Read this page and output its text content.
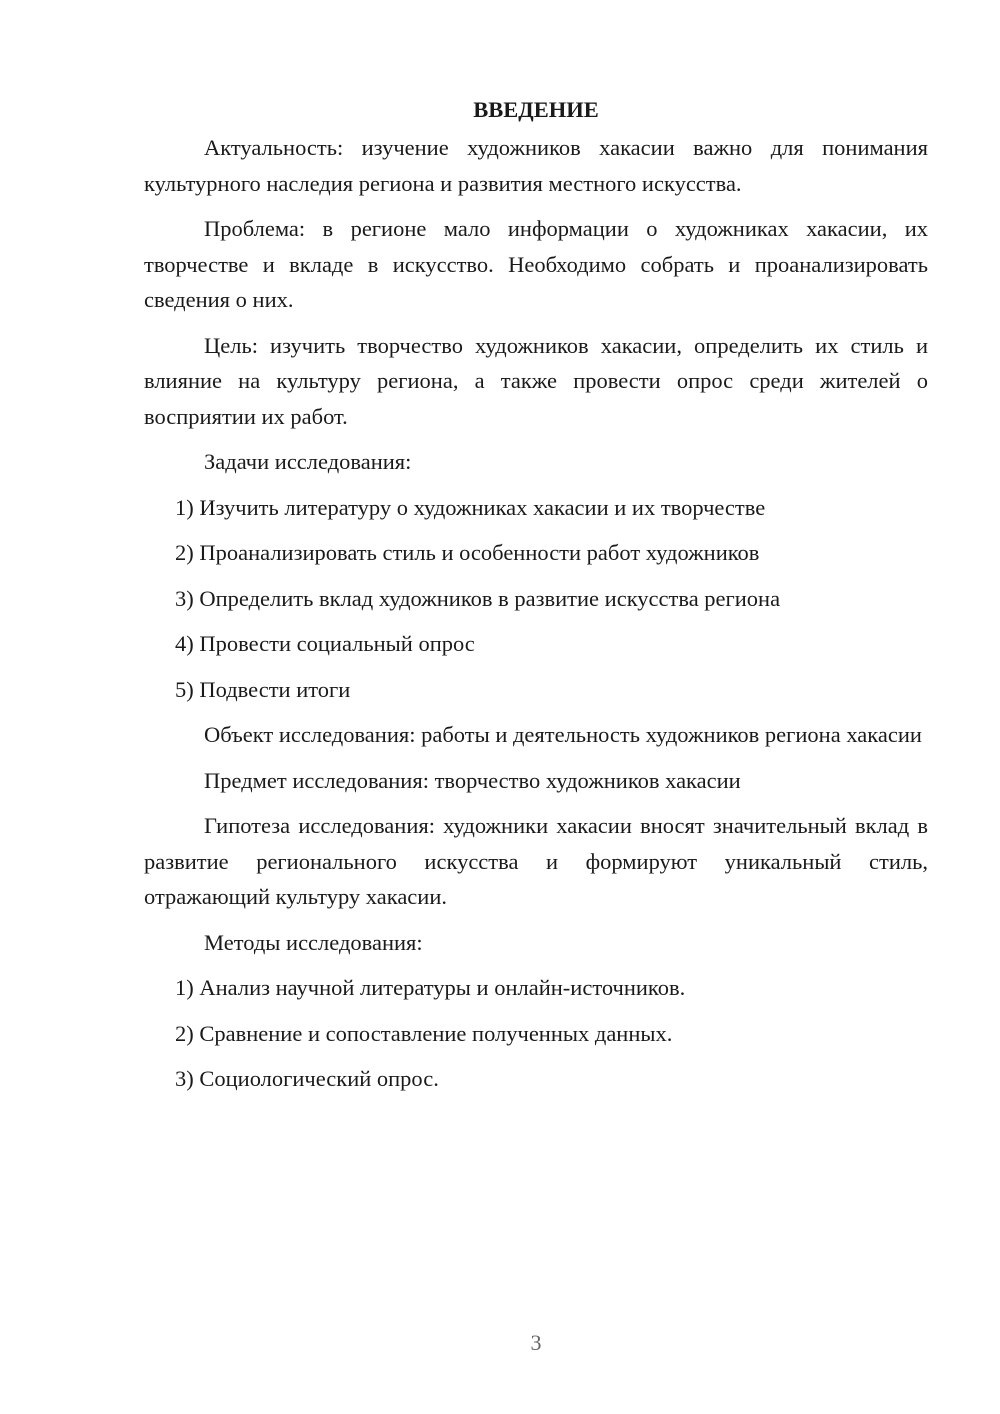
ВВЕДЕНИЕ

Актуальность: изучение художников хакасии важно для понимания культурного наследия региона и развития местного искусства.

Проблема: в регионе мало информации о художниках хакасии, их творчестве и вкладе в искусство. Необходимо собрать и проанализировать сведения о них.

Цель: изучить творчество художников хакасии, определить их стиль и влияние на культуру региона, а также провести опрос среди жителей о восприятии их работ.

Задачи исследования:

1) Изучить литературу о художниках хакасии и их творчестве
2) Проанализировать стиль и особенности работ художников
3) Определить вклад художников в развитие искусства региона
4) Провести социальный опрос
5) Подвести итоги

Объект исследования: работы и деятельность художников региона хакасии

Предмет исследования: творчество художников хакасии

Гипотеза исследования: художники хакасии вносят значительный вклад в развитие регионального искусства и формируют уникальный стиль, отражающий культуру хакасии.

Методы исследования:

1) Анализ научной литературы и онлайн-источников.
2) Сравнение и сопоставление полученных данных.
3) Социологический опрос.
3
